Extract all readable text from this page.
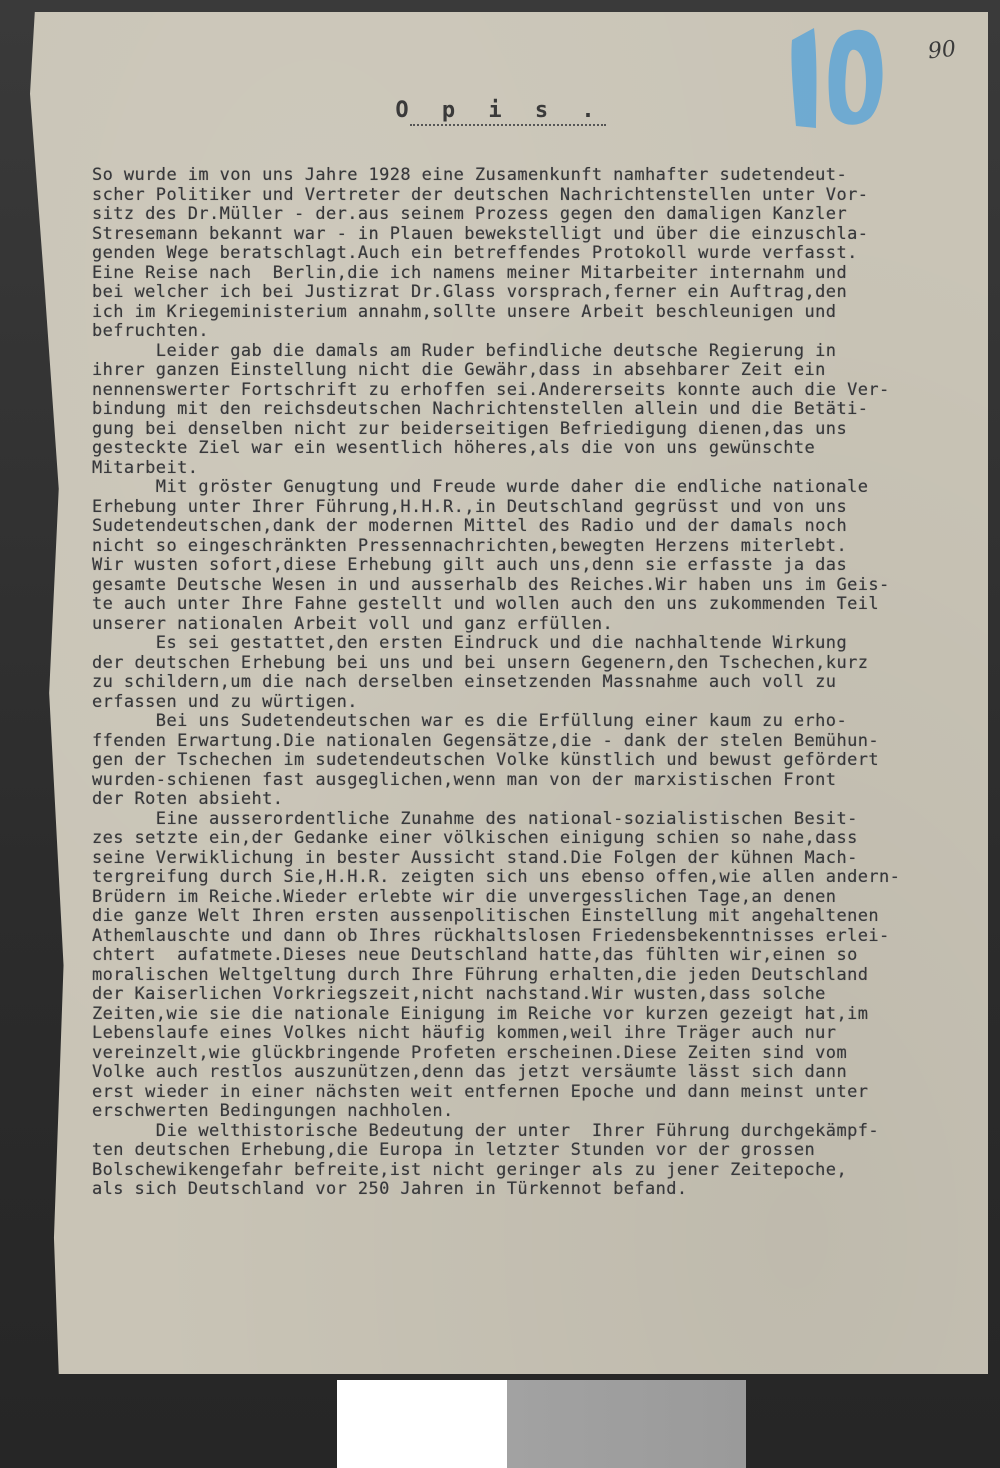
90
O p i s .
So wurde im von uns Jahre 1928 eine Zusamenkunft namhafter sudetendeut-
scher Politiker und Vertreter der deutschen Nachrichtenstellen unter Vor-
sitz des Dr.Müller - der.aus seinem Prozess gegen den damaligen Kanzler
Stresemann bekannt war - in Plauen bewekstelligt und über die einzuschla-
genden Wege beratschlagt.Auch ein betreffendes Protokoll wurde verfasst.
Eine Reise nach  Berlin,die ich namens meiner Mitarbeiter internahm und
bei welcher ich bei Justizrat Dr.Glass vorsprach,ferner ein Auftrag,den
ich im Kriegeministerium annahm,sollte unsere Arbeit beschleunigen und
befruchten.
Leider gab die damals am Ruder befindliche deutsche Regierung in
ihrer ganzen Einstellung nicht die Gewähr,dass in absehbarer Zeit ein
nennenswerter Fortschrift zu erhoffen sei.Andererseits konnte auch die Ver-
bindung mit den reichsdeutschen Nachrichtenstellen allein und die Betäti-
gung bei denselben nicht zur beiderseitigen Befriedigung dienen,das uns
gesteckte Ziel war ein wesentlich höheres,als die von uns gewünschte
Mitarbeit.
Mit gröster Genugtung und Freude wurde daher die endliche nationale
Erhebung unter Ihrer Führung,H.H.R.,in Deutschland gegrüsst und von uns
Sudetendeutschen,dank der modernen Mittel des Radio und der damals noch
nicht so eingeschränkten Pressennachrichten,bewegten Herzens miterlebt.
Wir wusten sofort,diese Erhebung gilt auch uns,denn sie erfasste ja das
gesamte Deutsche Wesen in und ausserhalb des Reiches.Wir haben uns im Geis-
te auch unter Ihre Fahne gestellt und wollen auch den uns zukommenden Teil
unserer nationalen Arbeit voll und ganz erfüllen.
Es sei gestattet,den ersten Eindruck und die nachhaltende Wirkung
der deutschen Erhebung bei uns und bei unsern Gegenern,den Tschechen,kurz
zu schildern,um die nach derselben einsetzenden Massnahme auch voll zu
erfassen und zu würtigen.
Bei uns Sudetendeutschen war es die Erfüllung einer kaum zu erho-
ffenden Erwartung.Die nationalen Gegensätze,die - dank der stelen Bemühun-
gen der Tschechen im sudetendeutschen Volke künstlich und bewust gefördert
wurden-schienen fast ausgeglichen,wenn man von der marxistischen Front
der Roten absieht.
Eine ausserordentliche Zunahme des national-sozialistischen Besit-
zes setzte ein,der Gedanke einer völkischen einigung schien so nahe,dass
seine Verwiklichung in bester Aussicht stand.Die Folgen der kühnen Mach-
tergreifung durch Sie,H.H.R. zeigten sich uns ebenso offen,wie allen andern-
Brüdern im Reiche.Wieder erlebte wir die unvergesslichen Tage,an denen
die ganze Welt Ihren ersten aussenpolitischen Einstellung mit angehaltenen
Athemlauschte und dann ob Ihres rückhaltslosen Friedensbekenntnisses erlei-
chtert  aufatmete.Dieses neue Deutschland hatte,das fühlten wir,einen so
moralischen Weltgeltung durch Ihre Führung erhalten,die jeden Deutschland
der Kaiserlichen Vorkriegszeit,nicht nachstand.Wir wusten,dass solche
Zeiten,wie sie die nationale Einigung im Reiche vor kurzen gezeigt hat,im
Lebenslaufe eines Volkes nicht häufig kommen,weil ihre Träger auch nur
vereinzelt,wie glückbringende Profeten erscheinen.Diese Zeiten sind vom
Volke auch restlos auszunützen,denn das jetzt versäumte lässt sich dann
erst wieder in einer nächsten weit entfernen Epoche und dann meinst unter
erschwerten Bedingungen nachholen.
Die welthistorische Bedeutung der unter  Ihrer Führung durchgekämpf-
ten deutschen Erhebung,die Europa in letzter Stunden vor der grossen
Bolschewikengefahr befreite,ist nicht geringer als zu jener Zeitepoche,
als sich Deutschland vor 250 Jahren in Türkennot befand.
